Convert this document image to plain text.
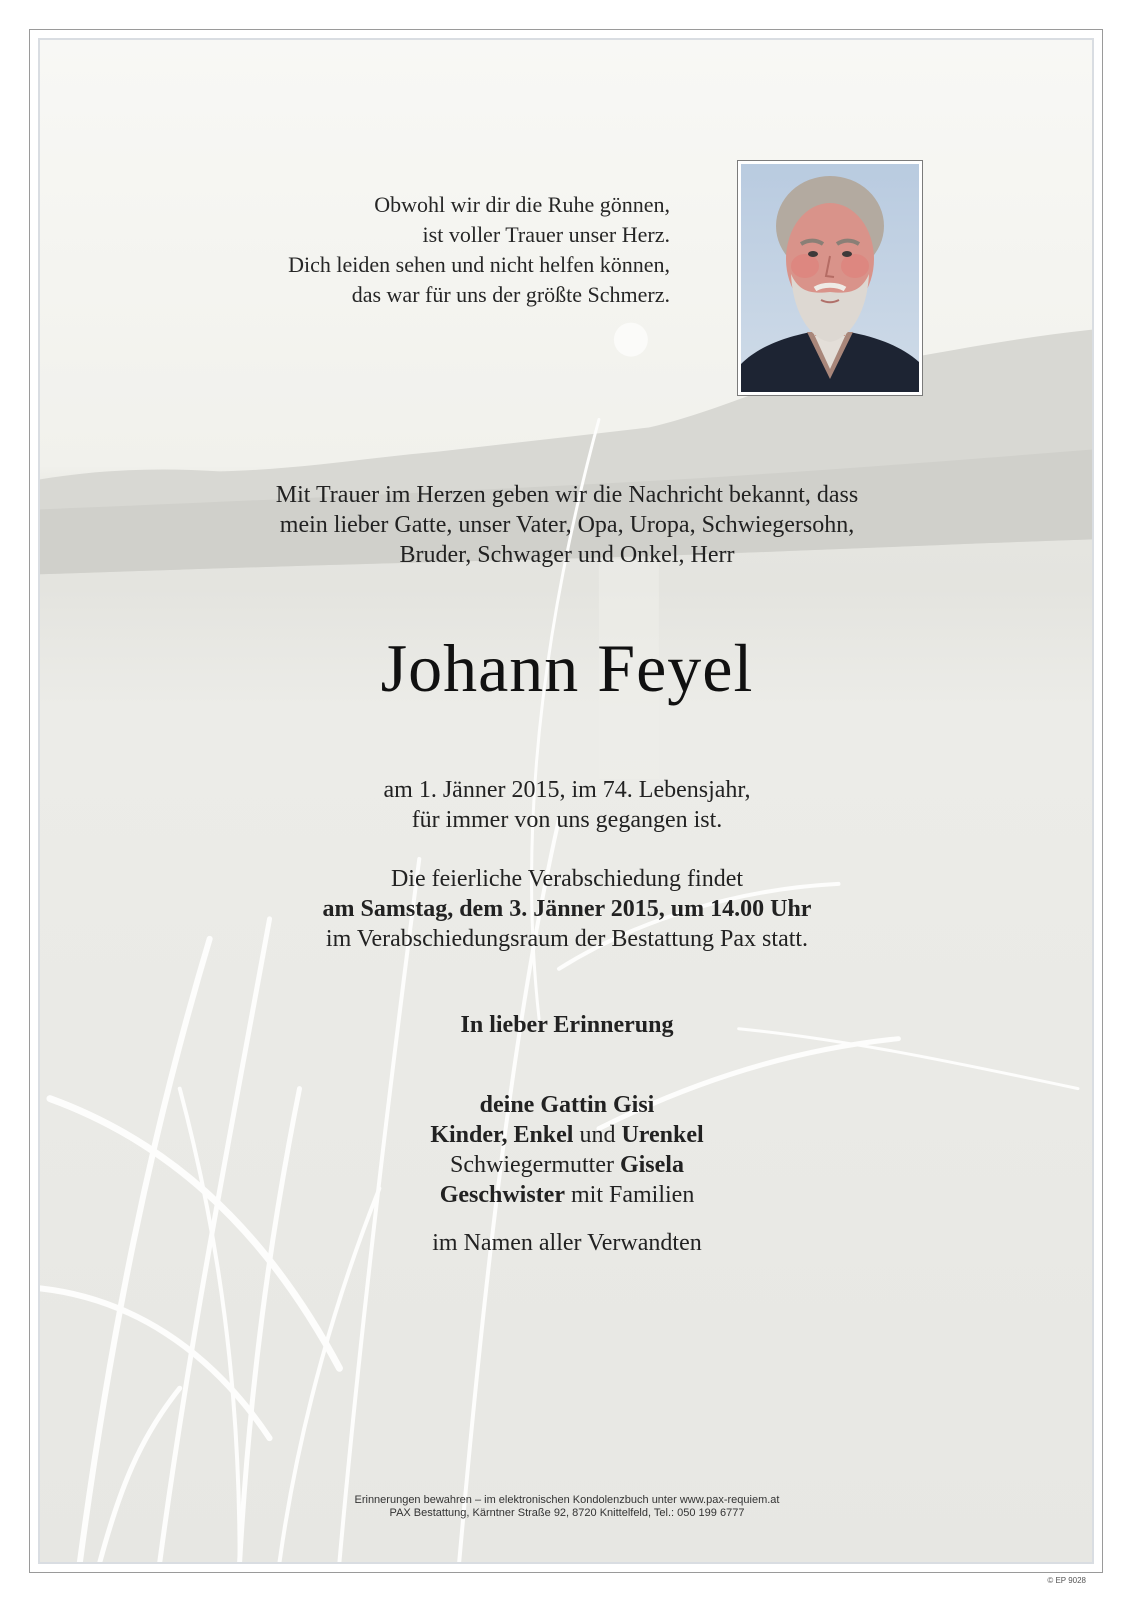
Obwohl wir dir die Ruhe gönnen,
ist voller Trauer unser Herz.
Dich leiden sehen und nicht helfen können,
das war für uns der größte Schmerz.
Mit Trauer im Herzen geben wir die Nachricht bekannt, dass
mein lieber Gatte, unser Vater, Opa, Uropa, Schwiegersohn,
Bruder, Schwager und Onkel, Herr
Johann Feyel
am 1. Jänner 2015, im 74. Lebensjahr,
für immer von uns gegangen ist.
Die feierliche Verabschiedung findet
am Samstag, dem 3. Jänner 2015, um 14.00 Uhr
im Verabschiedungsraum der Bestattung Pax statt.
In lieber Erinnerung
deine Gattin Gisi
Kinder, Enkel und Urenkel
Schwiegermutter Gisela
Geschwister mit Familien
im Namen aller Verwandten
Erinnerungen bewahren – im elektronischen Kondolenzbuch unter www.pax-requiem.at
PAX Bestattung, Kärntner Straße 92, 8720 Knittelfeld, Tel.: 050 199 6777
© EP 9028
